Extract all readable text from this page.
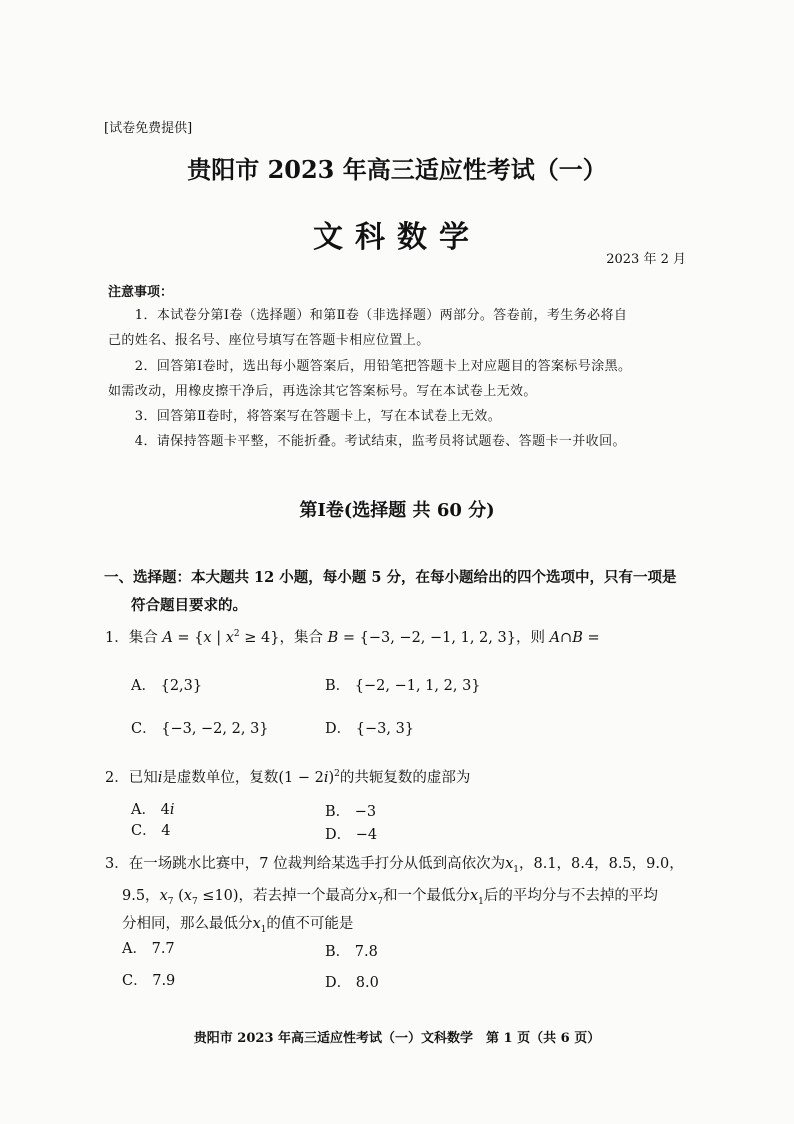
[试卷免费提供]
贵阳市 2023 年高三适应性考试（一）
文科数学
2023 年 2 月
注意事项：
　　1．本试卷分第Ⅰ卷（选择题）和第Ⅱ卷（非选择题）两部分。答卷前，考生务必将自
己的姓名、报名号、座位号填写在答题卡相应位置上。
　　2．回答第Ⅰ卷时，选出每小题答案后，用铅笔把答题卡上对应题目的答案标号涂黑。
如需改动，用橡皮擦干净后，再选涂其它答案标号。写在本试卷上无效。
　　3．回答第Ⅱ卷时，将答案写在答题卡上，写在本试卷上无效。
　　4．请保持答题卡平整，不能折叠。考试结束，监考员将试题卷、答题卡一并收回。
第Ⅰ卷(选择题 共 60 分)
一、选择题：本大题共 12 小题，每小题 5 分，在每小题给出的四个选项中，只有一项是
符合题目要求的。
1．集合 A = {x | $x^2 \ge 4$}，集合 B = {−3, −2, −1, 1, 2, 3}，则 A∩B =
A． {2,3}	B． {−2, −1, 1, 2, 3}
C． {−3, −2, 2, 3}	D． {−3, 3}
2．已知i是虚数单位，复数$(1 - 2i)^2$的共轭复数的虚部为
A． 4i	B． −3
C． 4	D． −4
3．在一场跳水比赛中，7 位裁判给某选手打分从低到高依次为$x_1$，8.1，8.4，8.5，9.0，
9.5，$x_7$ $(x_7 \le 10)$，若去掉一个最高分$x_7$和一个最低分$x_1$后的平均分与不去掉的平均
分相同，那么最低分$x_1$的值不可能是
A． 7.7	B． 7.8
C． 7.9	D． 8.0
贵阳市 2023 年高三适应性考试（一）文科数学　第 1 页（共 6 页）
